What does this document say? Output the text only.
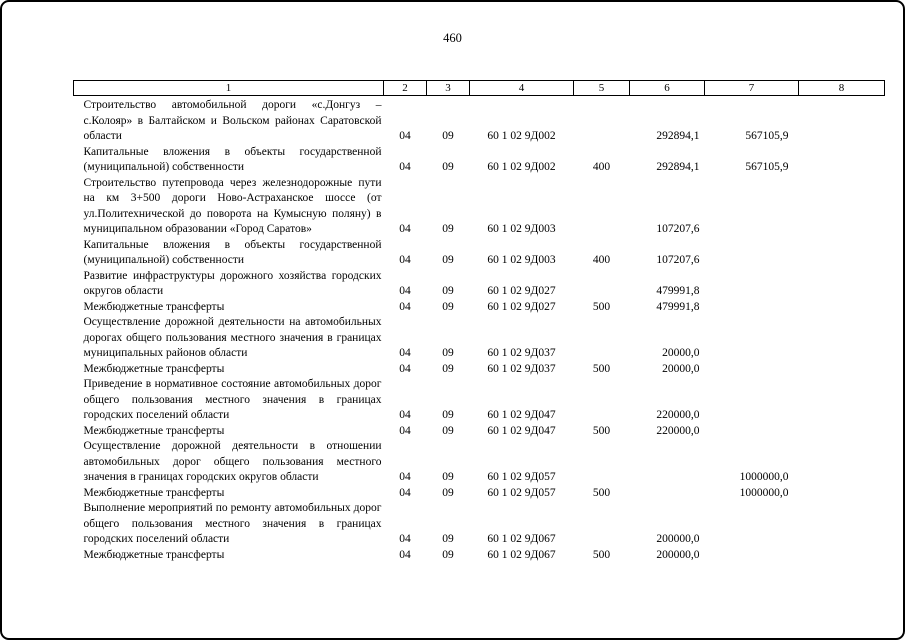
460
1	2	3	4	5	6	7	8
Строительство автомобильной дороги «с.Донгуз – с.Колояр» в Балтайском и Вольском районах Саратовской области	04	09	60 1 02 9Д002		292894,1	567105,9	
Капитальные вложения в объекты государственной (муниципальной) собственности	04	09	60 1 02 9Д002	400	292894,1	567105,9	
Строительство путепровода через железнодорожные пути на км 3+500 дороги Ново-Астраханское шоссе (от ул.Политехнической до поворота на Кумысную поляну) в муниципальном образовании «Город Саратов»	04	09	60 1 02 9Д003		107207,6		
Капитальные вложения в объекты государственной (муниципальной) собственности	04	09	60 1 02 9Д003	400	107207,6		
Развитие инфраструктуры дорожного хозяйства городских округов области	04	09	60 1 02 9Д027		479991,8		
Межбюджетные трансферты	04	09	60 1 02 9Д027	500	479991,8		
Осуществление дорожной деятельности на автомобильных дорогах общего пользования местного значения в границах муниципальных районов области	04	09	60 1 02 9Д037		20000,0		
Межбюджетные трансферты	04	09	60 1 02 9Д037	500	20000,0		
Приведение в нормативное состояние автомобильных дорог общего пользования местного значения в границах городских поселений области	04	09	60 1 02 9Д047		220000,0		
Межбюджетные трансферты	04	09	60 1 02 9Д047	500	220000,0		
Осуществление дорожной деятельности в отношении автомобильных дорог общего пользования местного значения в границах городских округов области	04	09	60 1 02 9Д057			1000000,0	
Межбюджетные трансферты	04	09	60 1 02 9Д057	500		1000000,0	
Выполнение мероприятий по ремонту автомобильных дорог общего пользования местного значения в границах городских поселений области	04	09	60 1 02 9Д067		200000,0		
Межбюджетные трансферты	04	09	60 1 02 9Д067	500	200000,0		
